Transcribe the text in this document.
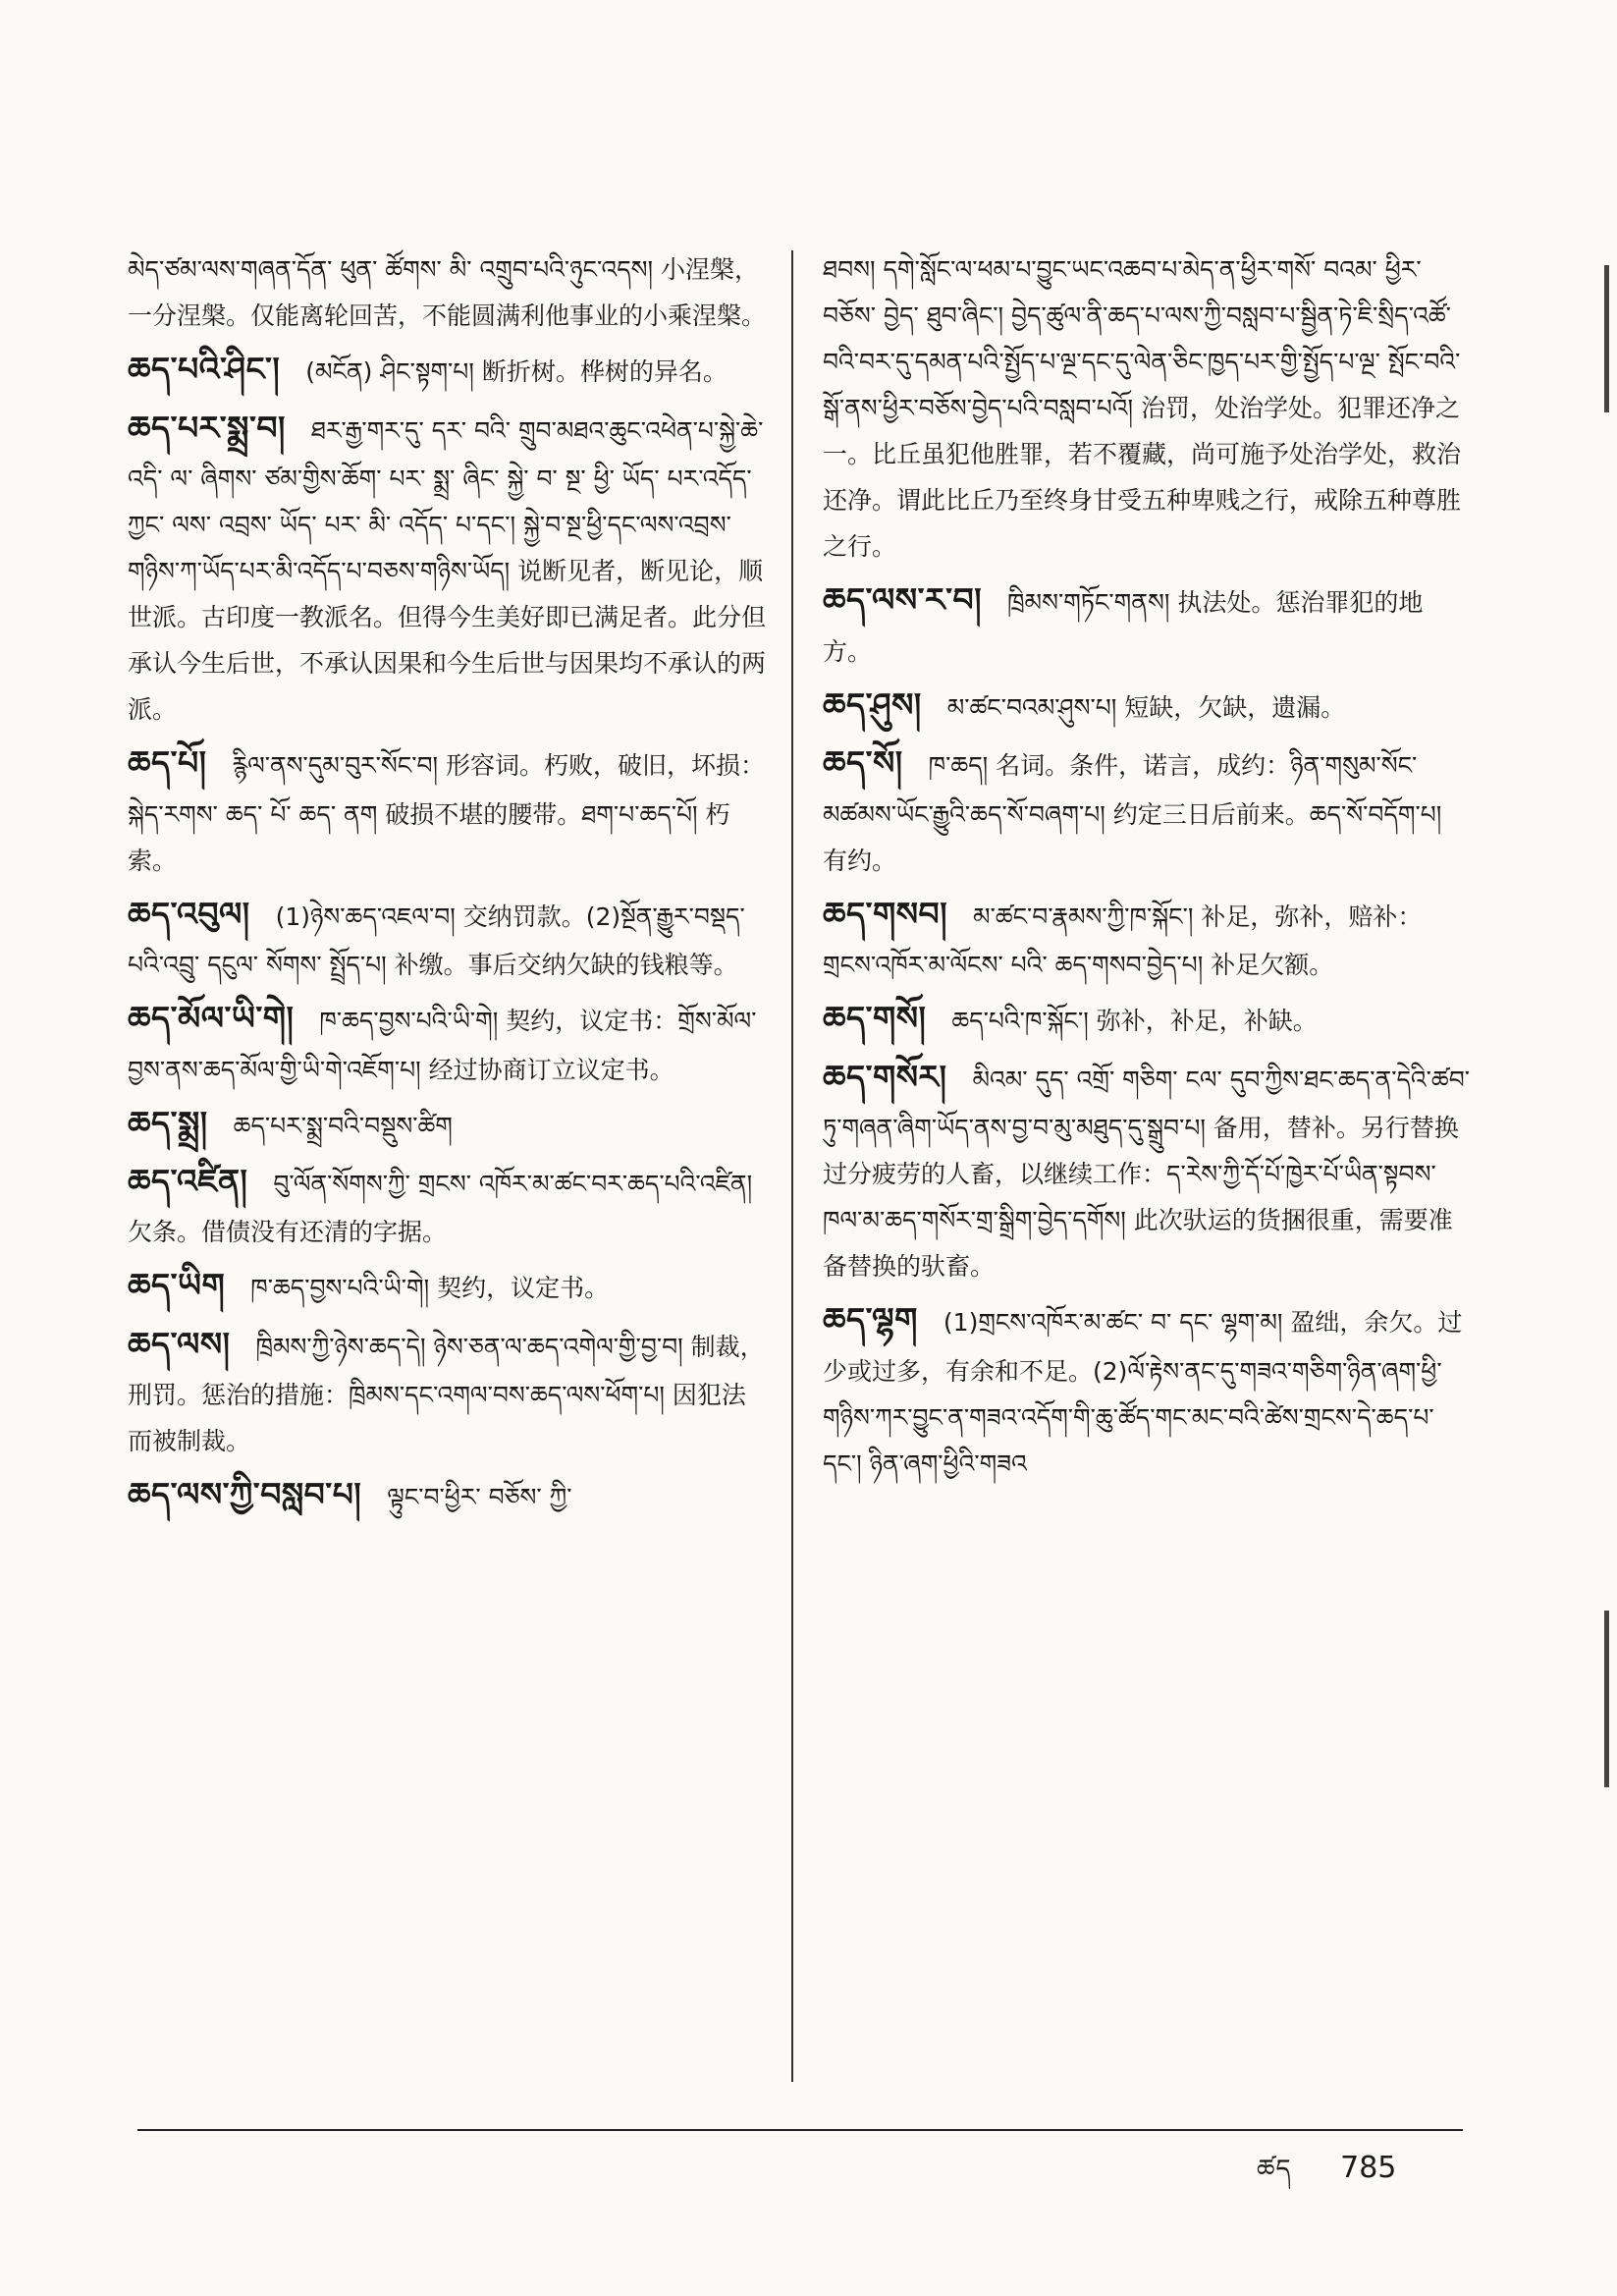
མེད་ཙམ་ལས་གཞན་དོན་ ཕུན་ ཚོགས་ མི་ འགྲུབ་པའི་ཉུང་འདས། 小涅槃，一分涅槃。仅能离轮回苦，不能圆满利他事业的小乘涅槃。
ཆད་པའི་ཤིང་། (མངོན) ཤིང་སྟག་པ། 断折树。桦树的异名。
ཆད་པར་སྨྲ་བ། ཐར་རྒྱ་གར་དུ་ དར་ བའི་ གྲུབ་མཐའ་ཆུང་འཕེན་པ་སྐྱེ་ཆེ་ འདི་ ལ་ ཞིགས་ ཙམ་གྱིས་ཆོག་ པར་ སྨྲ་ ཞིང་ སྐྱེ་ བ་ སྔ་ ཕྱི་ ཡོད་ པར་འདོད་ཀྱང་ ལས་ འབྲས་ ཡོད་ པར་ མི་ འདོད་ པ་དང་། སྐྱེ་བ་སྔ་ཕྱི་དང་ལས་འབྲས་གཉིས་ཀ་ཡོད་པར་མི་འདོད་པ་བཅས་གཉིས་ཡོད། 说断见者，断见论，顺世派。古印度一教派名。但得今生美好即已满足者。此分但承认今生后世，不承认因果和今生后世与因果均不承认的两派。
ཆད་པོ། རྙིལ་ནས་དུམ་བུར་སོང་བ། 形容词。朽败，破旧，坏损：སྐེད་རགས་ ཆད་ པོ་ ཆད་ ནག 破损不堪的腰带。ཐག་པ་ཆད་པོ། 朽索。
ཆད་འབུལ། (1)ཉེས་ཆད་འཇལ་བ། 交纳罚款。(2)སྔོན་རྒྱུར་བསྡད་པའི་འབྲུ་ དངུལ་ སོགས་ སྤྲོད་པ། 补缴。事后交纳欠缺的钱粮等。
ཆད་མོལ་ཡི་གེ། ཁ་ཆད་བྱས་པའི་ཡི་གེ། 契约，议定书：གྲོས་མོལ་བྱས་ནས་ཆད་མོལ་གྱི་ཡི་གེ་འཇོག་པ། 经过协商订立议定书。
ཆད་སྨྲ། ཆད་པར་སྨྲ་བའི་བསྡུས་ཚིག
ཆད་འཛིན། བུ་ལོན་སོགས་ཀྱི་ གྲངས་ འཁོར་མ་ཚང་བར་ཆད་པའི་འཛིན། 欠条。借债没有还清的字据。
ཆད་ཡིག ཁ་ཆད་བྱས་པའི་ཡི་གེ། 契约，议定书。
ཆད་ལས། ཁྲིམས་ཀྱི་ཉེས་ཆད་དེ། ཉེས་ཅན་ལ་ཆད་འགེལ་གྱི་བྱ་བ། 制裁，刑罚。惩治的措施：ཁྲིམས་དང་འགལ་བས་ཆད་ལས་ཕོག་པ། 因犯法而被制裁。
ཆད་ལས་ཀྱི་བསླབ་པ། ལྟུང་བ་ཕྱིར་ བཅོས་ ཀྱི་
ཐབས། དགེ་སློང་ལ་ཕམ་པ་བྱུང་ཡང་འཆབ་པ་མེད་ན་ཕྱིར་གསོ་ བའམ་ ཕྱིར་ བཅོས་ བྱེད་ ཐུབ་ཞིང་། བྱེད་ཚུལ་ནི་ཆད་པ་ལས་ཀྱི་བསླབ་པ་སྦྱིན་ཏེ་ཇི་སྲིད་འཚོ་བའི་བར་དུ་དམན་པའི་སྤྱོད་པ་ལྔ་དང་དུ་ལེན་ཅིང་ཁྱད་པར་གྱི་སྤྱོད་པ་ལྔ་ སྤོང་བའི་སྒོ་ནས་ཕྱིར་བཅོས་བྱེད་པའི་བསླབ་པའོ། 治罚，处治学处。犯罪还净之一。比丘虽犯他胜罪，若不覆藏，尚可施予处治学处，救治还净。谓此比丘乃至终身甘受五种卑贱之行，戒除五种尊胜之行。
ཆད་ལས་ར་བ། ཁྲིམས་གཏོང་གནས། 执法处。惩治罪犯的地方。
ཆད་ཤུས། མ་ཚང་བའམ་ཤུས་པ། 短缺，欠缺，遗漏。
ཆད་སོ། ཁ་ཆད། 名词。条件，诺言，成约：ཉིན་གསུམ་སོང་མཚམས་ཡོང་རྒྱུའི་ཆད་སོ་བཞག་པ། 约定三日后前来。ཆད་སོ་བདོག་པ། 有约。
ཆད་གསབ། མ་ཚང་བ་རྣམས་ཀྱི་ཁ་སྐོང་། 补足，弥补，赔补：གྲངས་འཁོར་མ་ལོངས་ པའི་ ཆད་གསབ་བྱེད་པ། 补足欠额。
ཆད་གསོ། ཆད་པའི་ཁ་སྐོང་། 弥补，补足，补缺。
ཆད་གསོར། མིའམ་ དུད་ འགྲོ་ གཅིག་ ངལ་ དུབ་ཀྱིས་ཐང་ཆད་ན་དེའི་ཚབ་ཏུ་གཞན་ཞིག་ཡོད་ནས་བྱ་བ་མུ་མཐུད་དུ་སྒྲུབ་པ། 备用，替补。另行替换过分疲劳的人畜，以继续工作：ད་རེས་ཀྱི་དོ་པོ་ཁྱེར་པོ་ཡིན་སྟབས་ཁལ་མ་ཆད་གསོར་གྲ་སྒྲིག་བྱེད་དགོས། 此次驮运的货捆很重，需要准备替换的驮畜。
ཆད་ལྷག (1)གྲངས་འཁོར་མ་ཚང་ བ་ དང་ ལྷག་མ། 盈绌，余欠。过少或过多，有余和不足。(2)ལོ་རྟེས་ནང་དུ་གཟའ་གཅིག་ཉིན་ཞག་ཕྱི་གཉིས་ཀར་བྱུང་ན་གཟའ་འདོག་གི་ཆུ་ཚོད་གང་མང་བའི་ཚེས་གྲངས་དེ་ཆད་པ་དང་། ཉིན་ཞག་ཕྱིའི་གཟའ
ཚད 785
